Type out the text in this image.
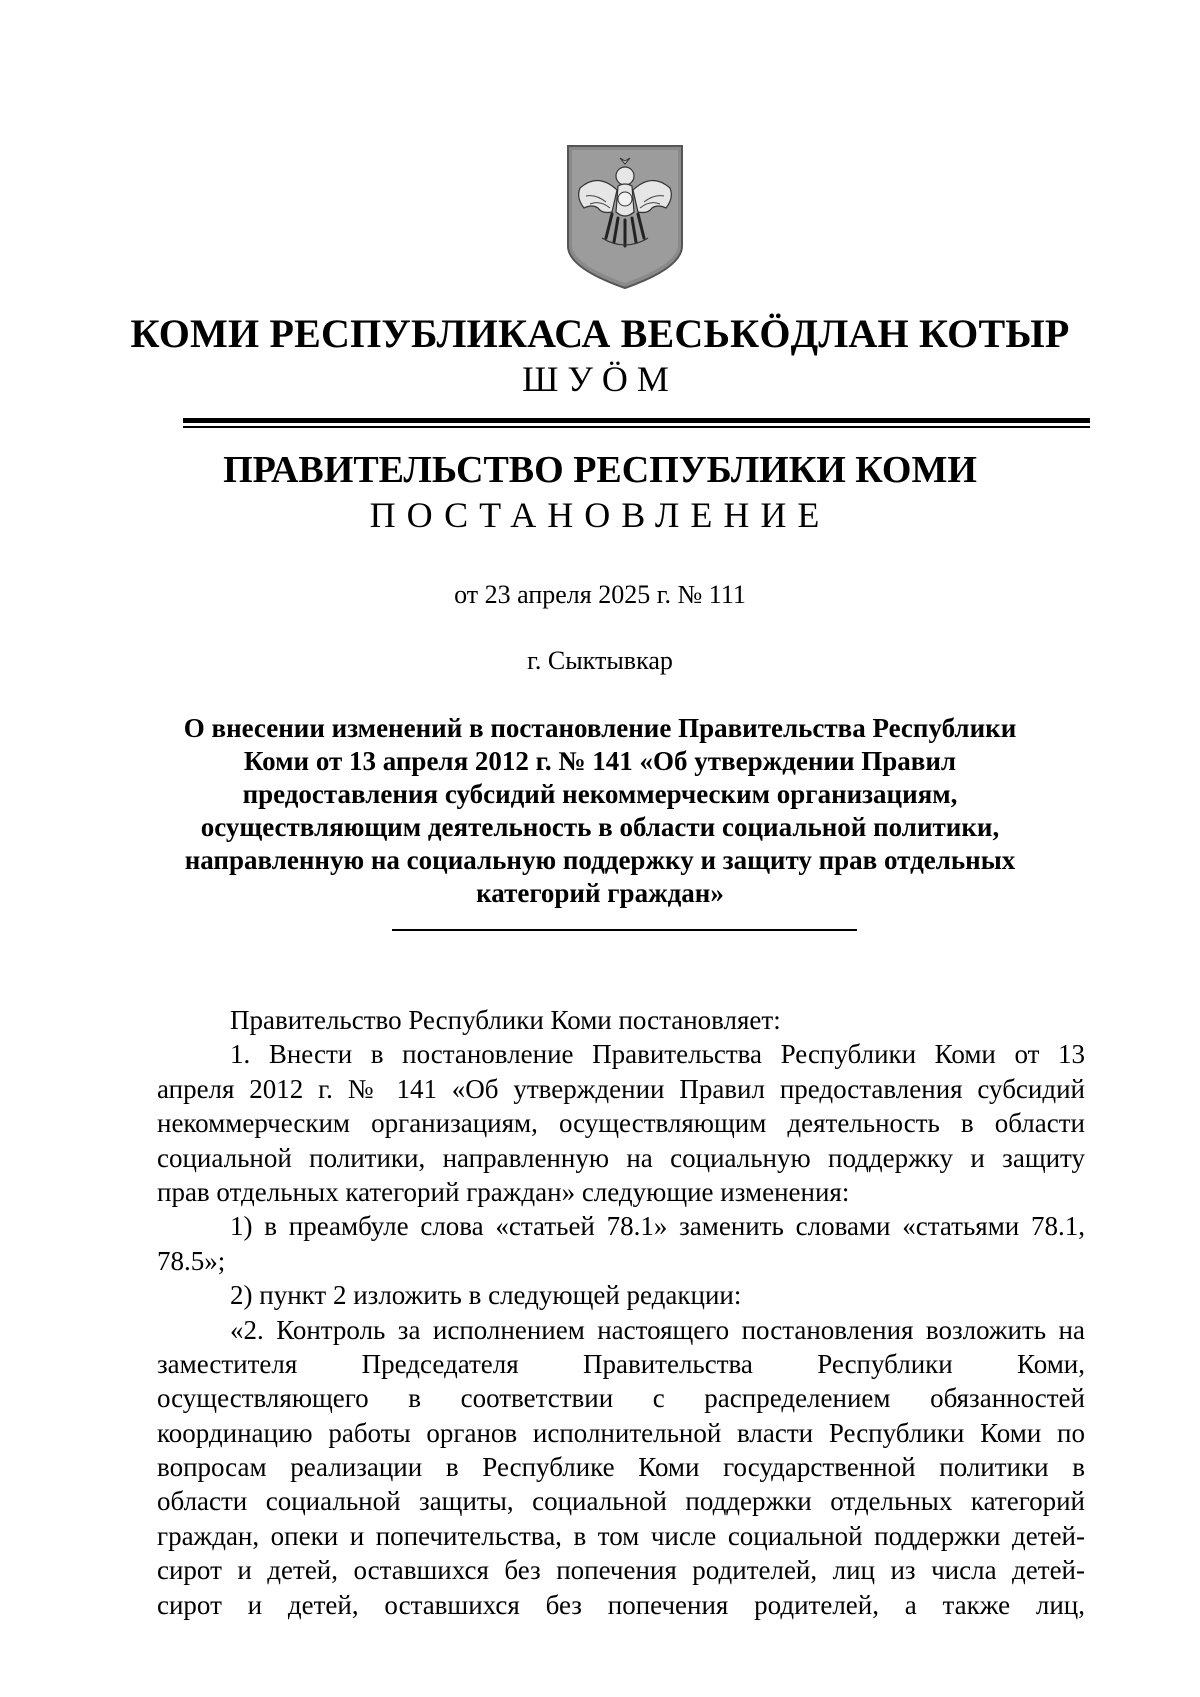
КОМИ РЕСПУБЛИКАСА ВЕСЬКӦДЛАН КОТЫР
ШУӦМ
ПРАВИТЕЛЬСТВО РЕСПУБЛИКИ КОМИ
ПОСТАНОВЛЕНИЕ
от 23 апреля 2025 г. № 111
г. Сыктывкар
О внесении изменений в постановление Правительства Республики
Коми от 13 апреля 2012 г. № 141 «Об утверждении Правил
предоставления субсидий некоммерческим организациям,
осуществляющим деятельность в области социальной политики,
направленную на социальную поддержку и защиту прав отдельных
категорий граждан»
Правительство Республики Коми постановляет:
1. Внести в постановление Правительства Республики Коми от 13
апреля 2012 г. № 141 «Об утверждении Правил предоставления субсидий
некоммерческим организациям, осуществляющим деятельность в области
социальной политики, направленную на социальную поддержку и защиту
прав отдельных категорий граждан» следующие изменения:
1) в преамбуле слова «статьей 78.1» заменить словами «статьями 78.1,
78.5»;
2) пункт 2 изложить в следующей редакции:
«2. Контроль за исполнением настоящего постановления возложить на
заместителя Председателя Правительства Республики Коми,
осуществляющего в соответствии с распределением обязанностей
координацию работы органов исполнительной власти Республики Коми по
вопросам реализации в Республике Коми государственной политики в
области социальной защиты, социальной поддержки отдельных категорий
граждан, опеки и попечительства, в том числе социальной поддержки детей-
сирот и детей, оставшихся без попечения родителей, лиц из числа детей-
сирот и детей, оставшихся без попечения родителей, а также лиц,
